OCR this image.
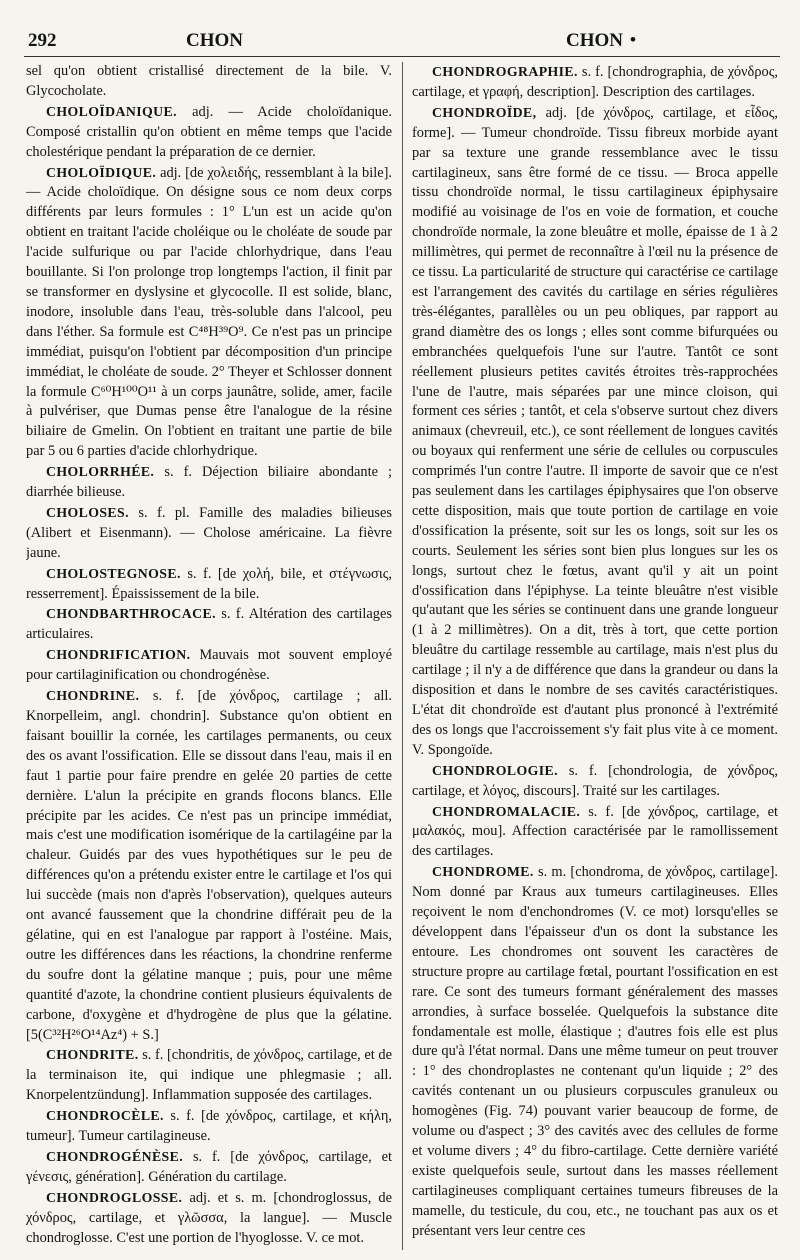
292	CHON	CHON •

sel qu'on obtient cristallisé directement de la bile. V. Glycocholate.

CHOLOÏDANIQUE. adj. — Acide choloïdanique. Composé cristallin qu'on obtient en même temps que l'acide cholestérique pendant la préparation de ce dernier.

CHOLOÏDIQUE. adj. [de χολειδής, ressemblant à la bile]. — Acide choloïdique. On désigne sous ce nom deux corps différents par leurs formules : 1° L'un est un acide qu'on obtient en traitant l'acide choléique ou le choléate de soude par l'acide sulfurique ou par l'acide chlorhydrique, dans l'eau bouillante. Si l'on prolonge trop longtemps l'action, il finit par se transformer en dyslysine et glycocolle. Il est solide, blanc, inodore, insoluble dans l'eau, très-soluble dans l'alcool, peu dans l'éther. Sa formule est C⁴⁸H³⁹O⁹. Ce n'est pas un principe immédiat, puisqu'on l'obtient par décomposition d'un principe immédiat, le choléate de soude. 2° Theyer et Schlosser donnent la formule C⁶⁰H¹⁰⁰O¹¹ à un corps jaunâtre, solide, amer, facile à pulvériser, que Dumas pense être l'analogue de la résine biliaire de Gmelin. On l'obtient en traitant une partie de bile par 5 ou 6 parties d'acide chlorhydrique.

CHOLORRHÉE. s. f. Déjection biliaire abondante ; diarrhée bilieuse.

CHOLOSES. s. f. pl. Famille des maladies bilieuses (Alibert et Eisenmann). — Cholose américaine. La fièvre jaune.

CHOLOSTEGNOSE. s. f. [de χολή, bile, et στέγνωσις, resserrement]. Épaississement de la bile.

CHONDBARTHROCACE. s. f. Altération des cartilages articulaires.

CHONDRIFICATION. Mauvais mot souvent employé pour cartilaginification ou chondrogénèse.

CHONDRINE. s. f. [de χόνδρος, cartilage ; all. Knorpelleim, angl. chondrin]. Substance qu'on obtient en faisant bouillir la cornée, les cartilages permanents, ou ceux des os avant l'ossification. Elle se dissout dans l'eau, mais il en faut 1 partie pour faire prendre en gelée 20 parties de cette dernière. L'alun la précipite en grands flocons blancs. Elle précipite par les acides. Ce n'est pas un principe immédiat, mais c'est une modification isomérique de la cartilagéine par la chaleur. Guidés par des vues hypothétiques sur le peu de différences qu'on a prétendu exister entre le cartilage et l'os qui lui succède (mais non d'après l'observation), quelques auteurs ont avancé faussement que la chondrine différait peu de la gélatine, qui en est l'analogue par rapport à l'ostéine. Mais, outre les différences dans les réactions, la chondrine renferme du soufre dont la gélatine manque ; puis, pour une même quantité d'azote, la chondrine contient plusieurs équivalents de carbone, d'oxygène et d'hydrogène de plus que la gélatine. [5(C³²H²⁶O¹⁴Az⁴) + S.]

CHONDRITE. s. f. [chondritis, de χόνδρος, cartilage, et de la terminaison ite, qui indique une phlegmasie ; all. Knorpelentzündung]. Inflammation supposée des cartilages.

CHONDROCÈLE. s. f. [de χόνδρος, cartilage, et κήλη, tumeur]. Tumeur cartilagineuse.

CHONDROGÉNÈSE. s. f. [de χόνδρος, cartilage, et γένεσις, génération]. Génération du cartilage.

CHONDROGLOSSE. adj. et s. m. [chondroglossus, de χόνδρος, cartilage, et γλῶσσα, la langue]. — Muscle chondroglosse. C'est une portion de l'hyoglosse. V. ce mot.

CHONDROGRAPHIE. s. f. [chondrographia, de χόνδρος, cartilage, et γραφή, description]. Description des cartilages.

CHONDROÏDE, adj. [de χόνδρος, cartilage, et εἶδος, forme]. — Tumeur chondroïde. Tissu fibreux morbide ayant par sa texture une grande ressemblance avec le tissu cartilagineux, sans être formé de ce tissu. — Broca appelle tissu chondroïde normal, le tissu cartilagineux épiphysaire modifié au voisinage de l'os en voie de formation, et couche chondroïde normale, la zone bleuâtre et molle, épaisse de 1 à 2 millimètres, qui permet de reconnaître à l'œil nu la présence de ce tissu. La particularité de structure qui caractérise ce cartilage est l'arrangement des cavités du cartilage en séries régulières très-élégantes, parallèles ou un peu obliques, par rapport au grand diamètre des os longs ; elles sont comme bifurquées ou embranchées quelquefois l'une sur l'autre. Tantôt ce sont réellement plusieurs petites cavités étroites très-rapprochées l'une de l'autre, mais séparées par une mince cloison, qui forment ces séries ; tantôt, et cela s'observe surtout chez divers animaux (chevreuil, etc.), ce sont réellement de longues cavités ou boyaux qui renferment une série de cellules ou corpuscules comprimés l'un contre l'autre. Il importe de savoir que ce n'est pas seulement dans les cartilages épiphysaires que l'on observe cette disposition, mais que toute portion de cartilage en voie d'ossification la présente, soit sur les os longs, soit sur les os courts. Seulement les séries sont bien plus longues sur les os longs, surtout chez le fœtus, avant qu'il y ait un point d'ossification dans l'épiphyse. La teinte bleuâtre n'est visible qu'autant que les séries se continuent dans une grande longueur (1 à 2 millimètres). On a dit, très à tort, que cette portion bleuâtre du cartilage ressemble au cartilage, mais n'est plus du cartilage ; il n'y a de différence que dans la grandeur ou dans la disposition et dans le nombre de ses cavités caractéristiques. L'état dit chondroïde est d'autant plus prononcé à l'extrémité des os longs que l'accroissement s'y fait plus vite à ce moment. V. Spongoïde.

CHONDROLOGIE. s. f. [chondrologia, de χόνδρος, cartilage, et λόγος, discours]. Traité sur les cartilages.

CHONDROMALACIE. s. f. [de χόνδρος, cartilage, et μαλακός, mou]. Affection caractérisée par le ramollissement des cartilages.

CHONDROME. s. m. [chondroma, de χόνδρος, cartilage]. Nom donné par Kraus aux tumeurs cartilagineuses. Elles reçoivent le nom d'enchondromes (V. ce mot) lorsqu'elles se développent dans l'épaisseur d'un os dont la substance les entoure. Les chondromes ont souvent les caractères de structure propre au cartilage fœtal, pourtant l'ossification en est rare. Ce sont des tumeurs formant généralement des masses arrondies, à surface bosselée. Quelquefois la substance dite fondamentale est molle, élastique ; d'autres fois elle est plus dure qu'à l'état normal. Dans une même tumeur on peut trouver : 1° des chondroplastes ne contenant qu'un liquide ; 2° des cavités contenant un ou plusieurs corpuscules granuleux ou homogènes (Fig. 74) pouvant varier beaucoup de forme, de volume ou d'aspect ; 3° des cavités avec des cellules de forme et volume divers ; 4° du fibro-cartilage. Cette dernière variété existe quelquefois seule, surtout dans les masses réellement cartilagineuses compliquant certaines tumeurs fibreuses de la mamelle, du testicule, du cou, etc., ne touchant pas aux os et présentant vers leur centre ces
